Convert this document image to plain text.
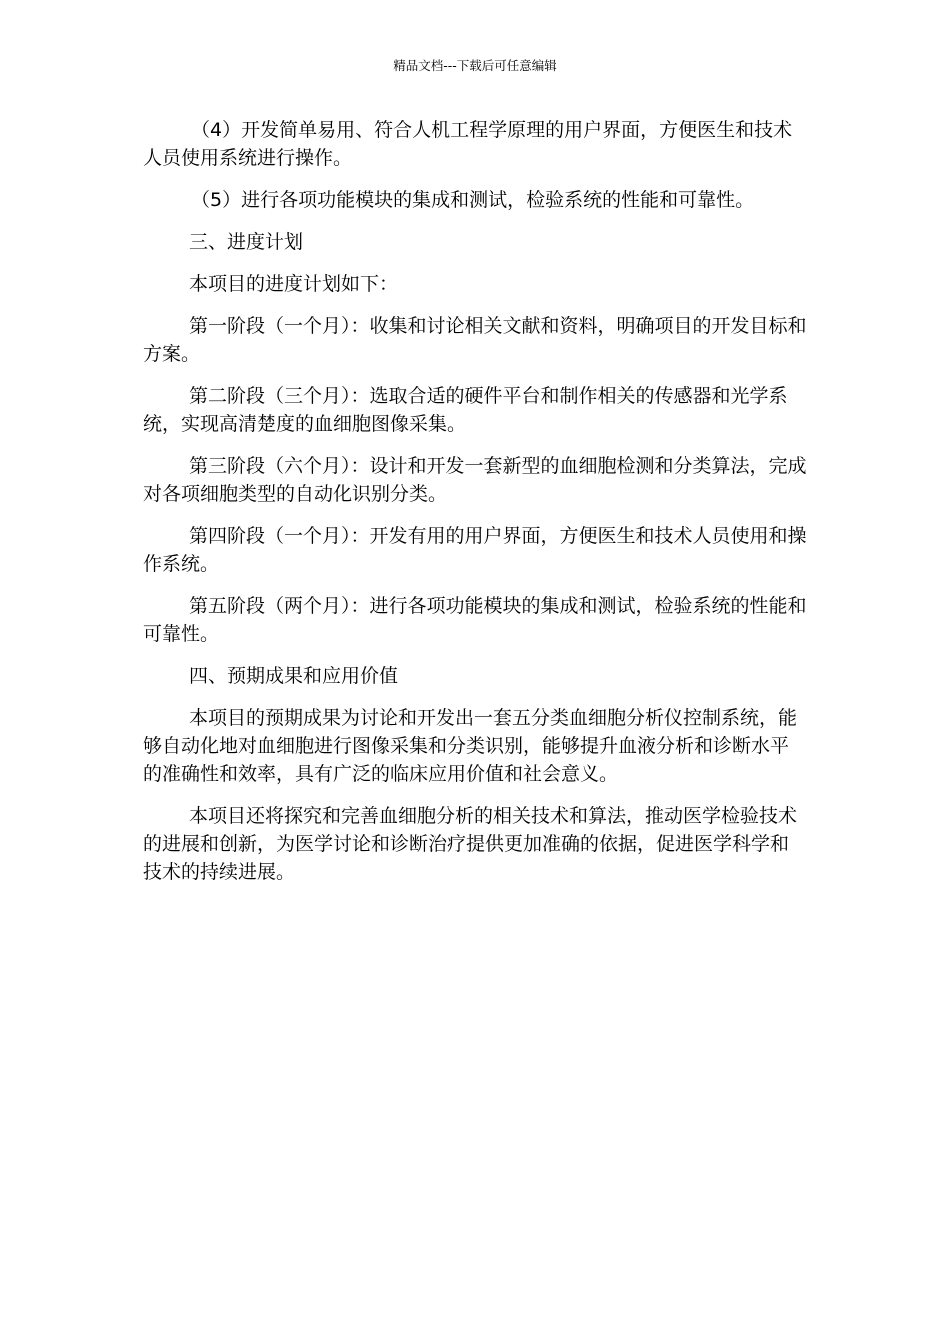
精品文档---下载后可任意编辑

（4）开发简单易用、符合人机工程学原理的用户界面，方便医生和技术人员使用系统进行操作。

（5）进行各项功能模块的集成和测试，检验系统的性能和可靠性。

三、进度计划

本项目的进度计划如下：

第一阶段（一个月）：收集和讨论相关文献和资料，明确项目的开发目标和方案。

第二阶段（三个月）：选取合适的硬件平台和制作相关的传感器和光学系统，实现高清楚度的血细胞图像采集。

第三阶段（六个月）：设计和开发一套新型的血细胞检测和分类算法，完成对各项细胞类型的自动化识别分类。

第四阶段（一个月）：开发有用的用户界面，方便医生和技术人员使用和操作系统。

第五阶段（两个月）：进行各项功能模块的集成和测试，检验系统的性能和可靠性。

四、预期成果和应用价值

本项目的预期成果为讨论和开发出一套五分类血细胞分析仪控制系统，能够自动化地对血细胞进行图像采集和分类识别，能够提升血液分析和诊断水平的准确性和效率，具有广泛的临床应用价值和社会意义。

本项目还将探究和完善血细胞分析的相关技术和算法，推动医学检验技术的进展和创新，为医学讨论和诊断治疗提供更加准确的依据，促进医学科学和技术的持续进展。
